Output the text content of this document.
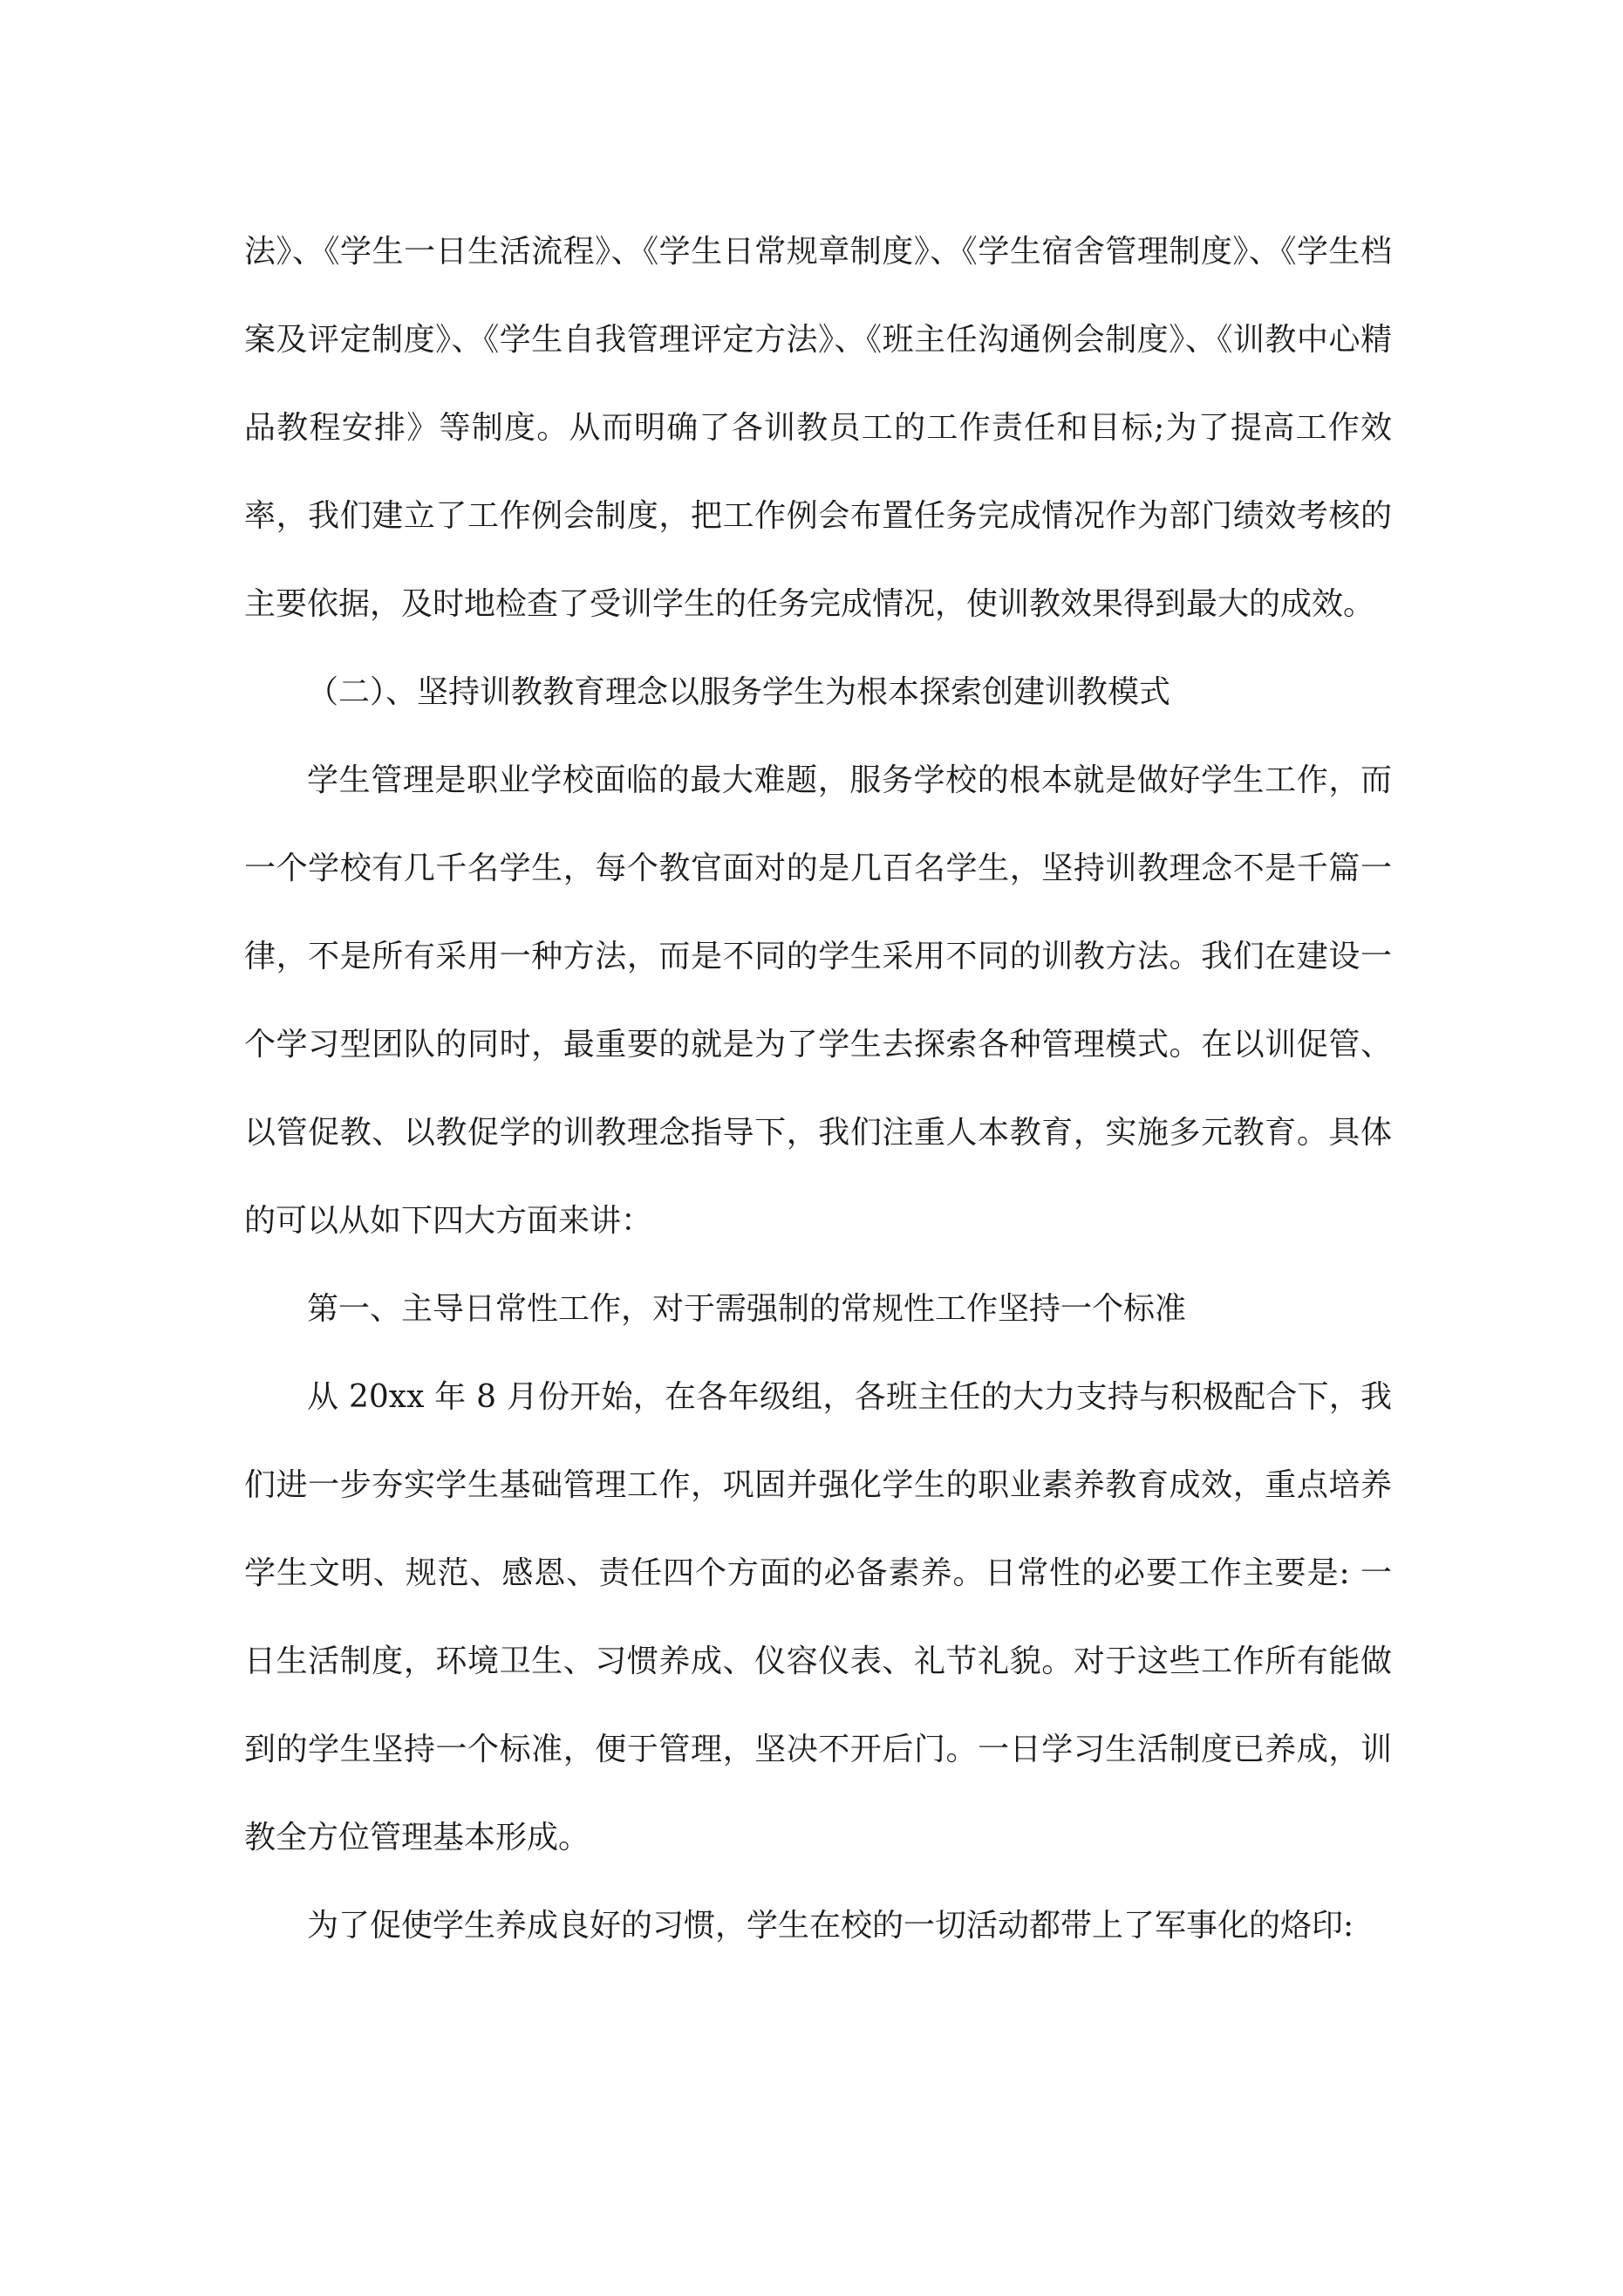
法》、《学生一日生活流程》、《学生日常规章制度》、《学生宿舍管理制度》、《学生档案及评定制度》、《学生自我管理评定方法》、《班主任沟通例会制度》、《训教中心精品教程安排》等制度。从而明确了各训教员工的工作责任和目标;为了提高工作效率，我们建立了工作例会制度，把工作例会布置任务完成情况作为部门绩效考核的主要依据，及时地检查了受训学生的任务完成情况，使训教效果得到最大的成效。

（二）、坚持训教教育理念以服务学生为根本探索创建训教模式

学生管理是职业学校面临的最大难题，服务学校的根本就是做好学生工作，而一个学校有几千名学生，每个教官面对的是几百名学生，坚持训教理念不是千篇一律，不是所有采用一种方法，而是不同的学生采用不同的训教方法。我们在建设一个学习型团队的同时，最重要的就是为了学生去探索各种管理模式。在以训促管、以管促教、以教促学的训教理念指导下，我们注重人本教育，实施多元教育。具体的可以从如下四大方面来讲：

第一、主导日常性工作，对于需强制的常规性工作坚持一个标准

从 20xx 年 8 月份开始，在各年级组，各班主任的大力支持与积极配合下，我们进一步夯实学生基础管理工作，巩固并强化学生的职业素养教育成效，重点培养学生文明、规范、感恩、责任四个方面的必备素养。日常性的必要工作主要是: 一日生活制度，环境卫生、习惯养成、仪容仪表、礼节礼貌。对于这些工作所有能做到的学生坚持一个标准，便于管理，坚决不开后门。一日学习生活制度已养成，训教全方位管理基本形成。

为了促使学生养成良好的习惯，学生在校的一切活动都带上了军事化的烙印:
